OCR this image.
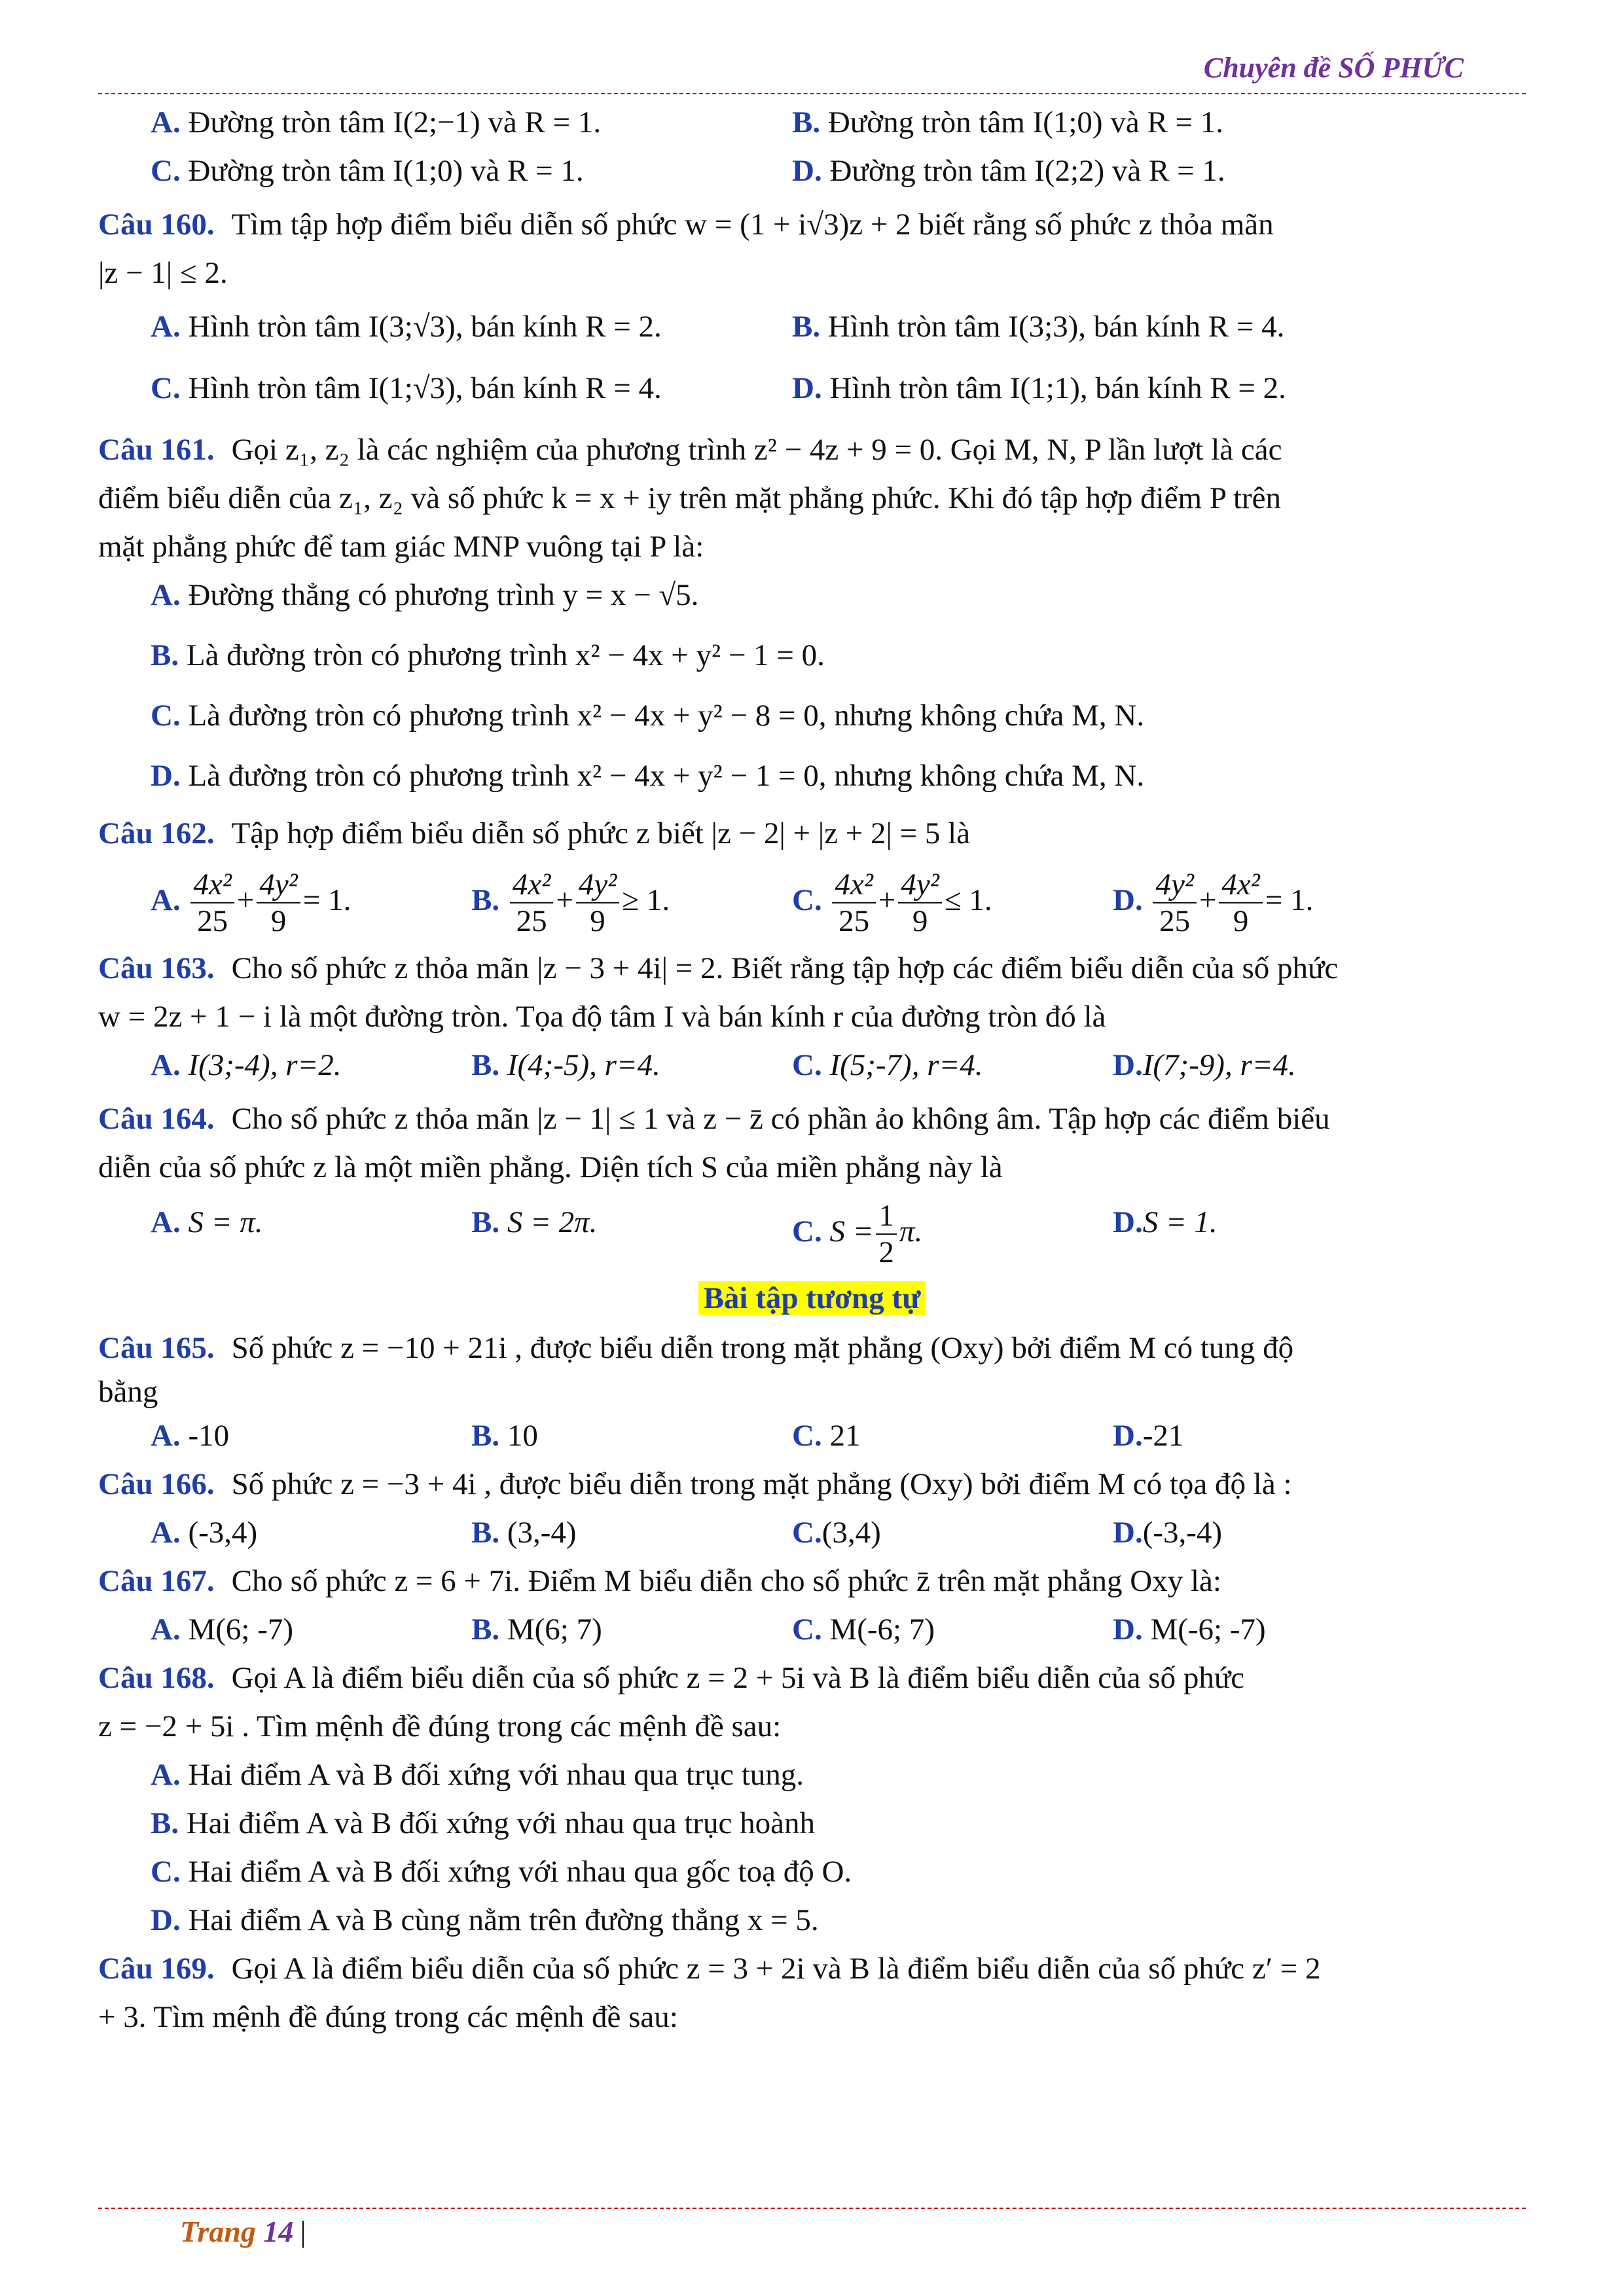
Chuyên đề SỐ PHỨC
A. Đường tròn tâm I(2;−1) và R = 1.	B. Đường tròn tâm I(1;0) và R = 1.
C. Đường tròn tâm I(1;0) và R = 1.	D. Đường tròn tâm I(2;2) và R = 1.
Câu 160. Tìm tập hợp điểm biểu diễn số phức w = (1 + i√3)z + 2 biết rằng số phức z thỏa mãn
|z − 1| ≤ 2.
A. Hình tròn tâm I(3;√3), bán kính R = 2.	B. Hình tròn tâm I(3;3), bán kính R = 4.
C. Hình tròn tâm I(1;√3), bán kính R = 4.	D. Hình tròn tâm I(1;1), bán kính R = 2.
Câu 161. Gọi z₁, z₂ là các nghiệm của phương trình z² − 4z + 9 = 0. Gọi M, N, P lần lượt là các
điểm biểu diễn của z₁, z₂ và số phức k = x + iy trên mặt phẳng phức. Khi đó tập hợp điểm P trên
mặt phẳng phức để tam giác MNP vuông tại P là:
A. Đường thẳng có phương trình y = x − √5.
B. Là đường tròn có phương trình x² − 4x + y² − 1 = 0.
C. Là đường tròn có phương trình x² − 4x + y² − 8 = 0, nhưng không chứa M, N.
D. Là đường tròn có phương trình x² − 4x + y² − 1 = 0, nhưng không chứa M, N.
Câu 162. Tập hợp điểm biểu diễn số phức z biết |z − 2| + |z + 2| = 5 là
A. $\frac{\text{4x²}}{25} + \frac{\text{4y²}}{9} = 1$.	B. $\frac{\text{4x²}}{25} + \frac{\text{4y²}}{9} \ge 1$.	C. $\frac{\text{4x²}}{25} + \frac{\text{4y²}}{9} \le 1$.	D. $\frac{\text{4y²}}{25} + \frac{\text{4x²}}{9} = 1$.
Câu 163. Cho số phức z thỏa mãn |z − 3 + 4i| = 2. Biết rằng tập hợp các điểm biểu diễn của số phức
w = 2z + 1 − i là một đường tròn. Tọa độ tâm I và bán kính r của đường tròn đó là
A. I(3;-4), r=2.	B. I(4;-5), r=4.	C. I(5;-7), r=4.	D.I(7;-9), r=4.
Câu 164. Cho số phức z thỏa mãn |z − 1| ≤ 1 và z − z̄ có phần ảo không âm. Tập hợp các điểm biểu
diễn của số phức z là một miền phẳng. Diện tích S của miền phẳng này là
A. S = π.	B. S = 2π.	C. $S = \frac{1}{2} \pi$.	D.S = 1.
Bài tập tương tự
Câu 165. Số phức z = −10 + 21i , được biểu diễn trong mặt phẳng (Oxy) bởi điểm M có tung độ
bằng
A. -10	B. 10	C. 21	D.-21
Câu 166. Số phức z = −3 + 4i , được biểu diễn trong mặt phẳng (Oxy) bởi điểm M có tọa độ là :
A. (-3,4)	B. (3,-4)	C.(3,4)	D.(-3,-4)
Câu 167. Cho số phức z = 6 + 7i. Điểm M biểu diễn cho số phức z̄ trên mặt phẳng Oxy là:
A. M(6; -7)	B. M(6; 7)	C. M(-6; 7)	D. M(-6; -7)
Câu 168. Gọi A là điểm biểu diễn của số phức z = 2 + 5i và B là điểm biểu diễn của số phức
z = −2 + 5i . Tìm mệnh đề đúng trong các mệnh đề sau:
A. Hai điểm A và B đối xứng với nhau qua trục tung.
B. Hai điểm A và B đối xứng với nhau qua trục hoành
C. Hai điểm A và B đối xứng với nhau qua gốc toạ độ O.
D. Hai điểm A và B cùng nằm trên đường thẳng x = 5.
Câu 169. Gọi A là điểm biểu diễn của số phức z = 3 + 2i và B là điểm biểu diễn của số phức z′ = 2
+ 3. Tìm mệnh đề đúng trong các mệnh đề sau:
Trang 14 |
